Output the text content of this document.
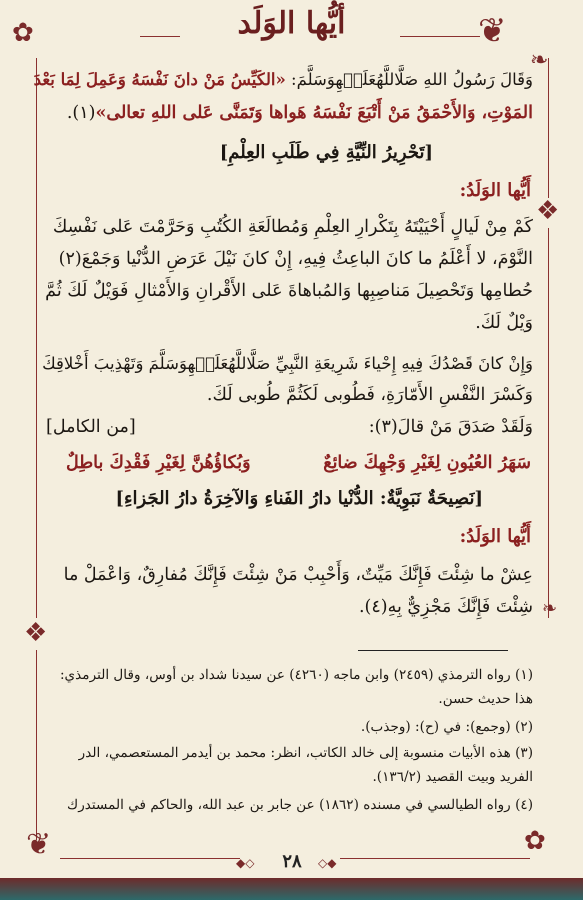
❦
❧
✿
❖
❖
❦	✿
❧
أيُّها الوَلَد
وَقَالَ رَسُولُ اللهِ صَلَّاللَّهُعَلَيۡهِوَسَلَّمَ: «الكَيِّسُ مَنْ دانَ نَفْسَهُ وَعَمِلَ لِمَا بَعْدَ
المَوْتِ، وَالأَحْمَقُ مَنْ أَتْبَعَ نَفْسَهُ هَواها وَتَمَنَّى عَلى اللهِ تعالى»(١).
[تَحْرِيرُ النِّيَّةِ فِي طَلَبِ العِلْمِ]
أَيُّها الوَلَدُ:
كَمْ مِنْ لَيالٍ أَحْيَيْتَهُ بِتَكْرارِ العِلْمِ وَمُطالَعَةِ الكُتُبِ وَحَرَّمْتَ عَلى نَفْسِكَ
النَّوْمَ، لا أَعْلَمُ ما كانَ الباعِثُ فِيهِ، إِنْ كانَ نَيْلَ عَرَضِ الدُّنْيا وَجَمْعَ(٢)
حُطامِها وَتَحْصِيلَ مَناصِبِها وَالمُباهاةَ عَلى الأَقْرانِ وَالأَمْثالِ فَوَيْلٌ لَكَ ثُمَّ
وَيْلٌ لَكَ.
وَإِنْ كانَ قَصْدُكَ فِيهِ إِحْياءَ شَرِيعَةِ النَّبِيِّ صَلَّاللَّهُعَلَيۡهِوَسَلَّمَ وَتَهْذِيبَ أَخْلاقِكَ
وَكَسْرَ النَّفْسِ الأَمّارَةِ، فَطُوبى لَكَثُمَّ طُوبى لَكَ.
وَلَقَدْ صَدَقَ مَنْ قالَ(٣):
[من الكامل]
سَهَرُ العُيُونِ لِغَيْرِ وَجْهِكَ ضائِعٌ
وَبُكاؤُهُنَّ لِغَيْرِ فَقْدِكَ باطِلٌ
[نَصِيحَةٌ نَبَوِيَّةٌ: الدُّنْيا دارُ الفَناءِ وَالآخِرَةُ دارُ الجَزاءِ]
أَيُّها الوَلَدُ:
عِشْ ما شِئْتَ فَإِنَّكَ مَيِّتٌ، وَأَحْبِبْ مَنْ شِئْتَ فَإِنَّكَ مُفارِقٌ، وَاعْمَلْ ما
شِئْتَ فَإِنَّكَ مَجْزِيٌّ بِهِ(٤).
(١) رواه الترمذي (٢٤٥٩) وابن ماجه (٤٢٦٠) عن سيدنا شداد بن أوس، وقال الترمذي:
هذا حديث حسن.
(٢) (وجمع): في (ح): (وجذب).
(٣) هذه الأبيات منسوبة إلى خالد الكاتب، انظر: محمد بن أيدمر المستعصمي، الدر
الفريد وبيت القصيد (١٣٦/٢).
(٤) رواه الطيالسي في مسنده (١٨٦٢) عن جابر بن عبد الله، والحاكم في المستدرك
◆◇	٢٨	◇◆
